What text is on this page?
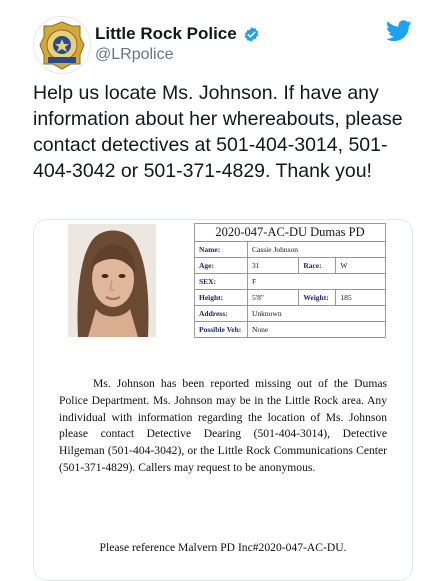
Little Rock Police
@LRpolice
Help us locate Ms. Johnson. If have any information about her whereabouts, please contact detectives at 501-404-3014, 501-404-3042 or 501-371-4829. Thank you!
2020-047-AC-DU Dumas PD
Name:	Cassie Johnson		
Age:	31	Race:	W
SEX:	F		
Height:	5'8"	Weight:	185
Address:	Unknown		
Possible Veh:	None		
Ms. Johnson has been reported missing out of the Dumas Police Department. Ms. Johnson may be in the Little Rock area. Any individual with information regarding the location of Ms. Johnson please contact Detective Dearing (501-404-3014), Detective Hilgeman (501-404-3042), or the Little Rock Communications Center (501-371-4829). Callers may request to be anonymous.
Please reference Malvern PD Inc#2020-047-AC-DU.
